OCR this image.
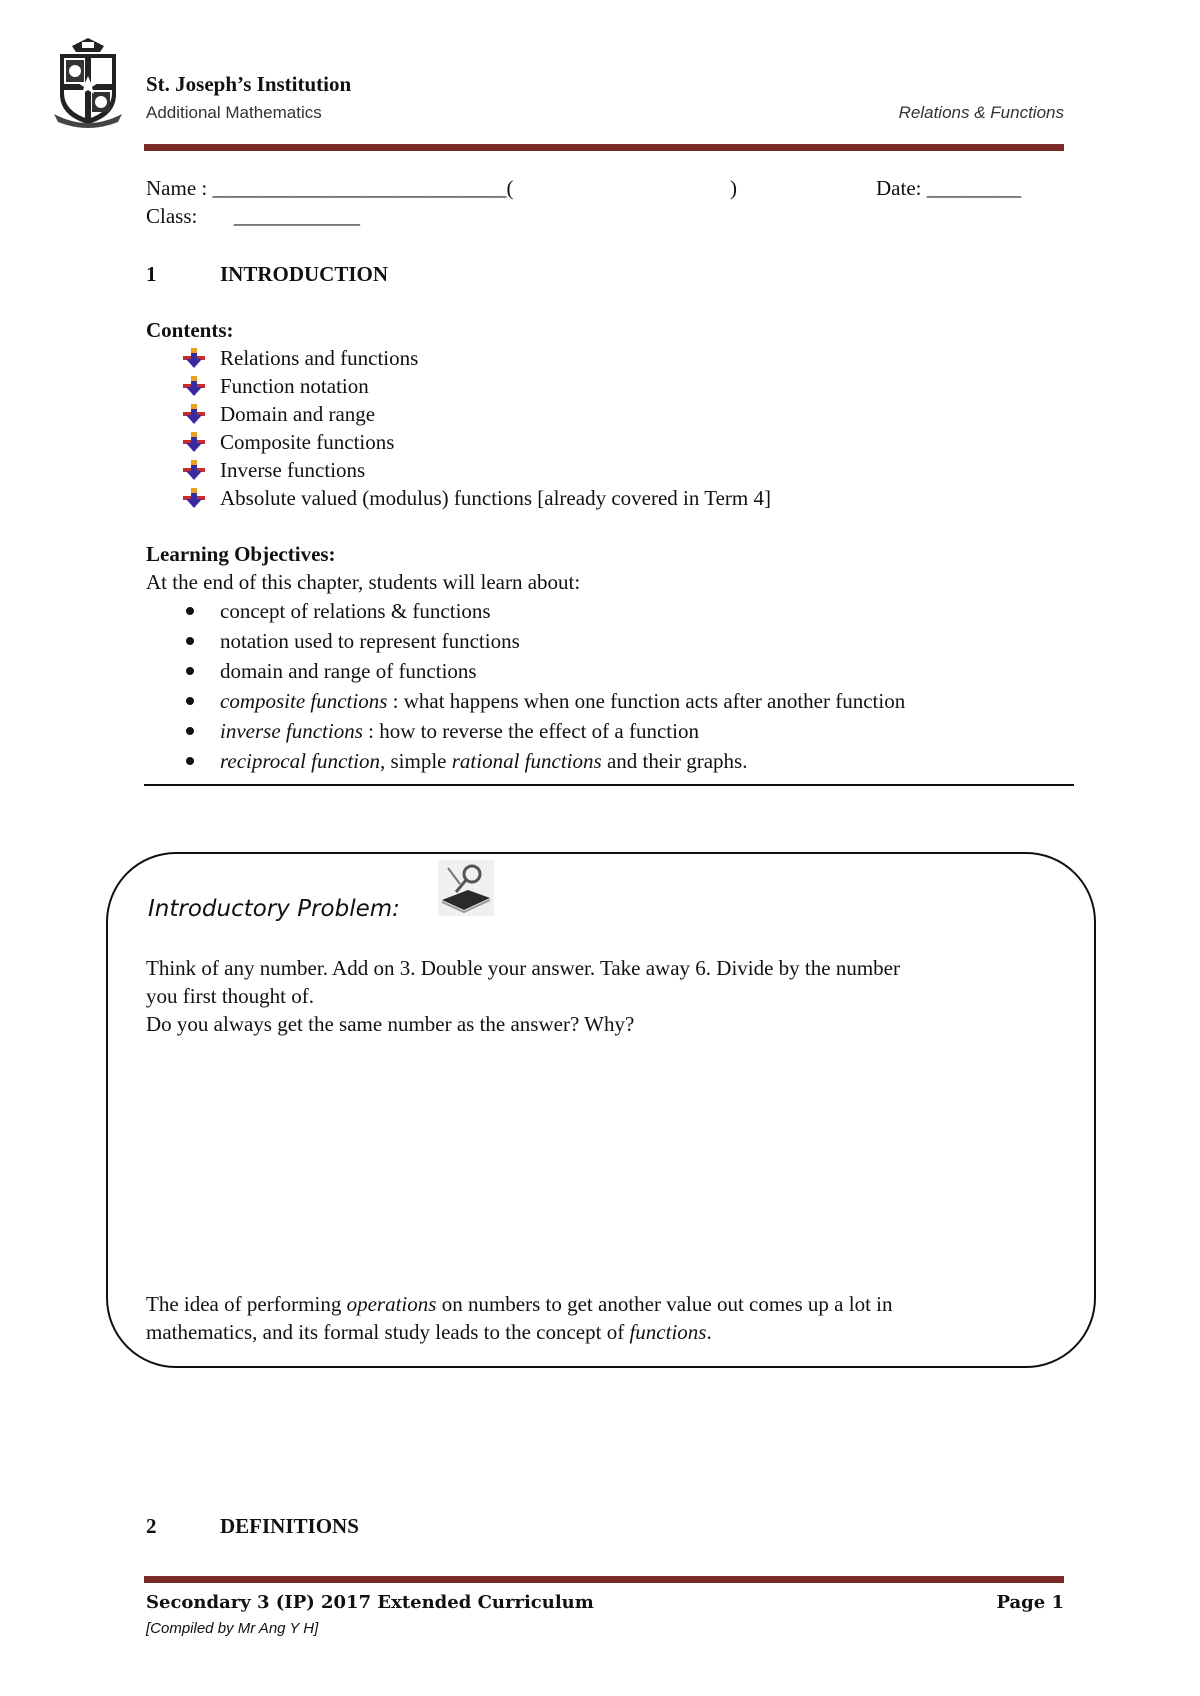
St. Joseph’s Institution
Additional Mathematics	Relations & Functions
Name : ____________________________(	)	Date: _________
Class: ____________
1	INTRODUCTION
Contents:
Relations and functions
Function notation
Domain and range
Composite functions
Inverse functions
Absolute valued (modulus) functions [already covered in Term 4]
Learning Objectives:
At the end of this chapter, students will learn about:
concept of relations & functions
notation used to represent functions
domain and range of functions
composite functions : what happens when one function acts after another function
inverse functions : how to reverse the effect of a function
reciprocal function, simple rational functions and their graphs.
Introductory Problem:
Think of any number. Add on 3. Double your answer. Take away 6. Divide by the number
you first thought of.
Do you always get the same number as the answer? Why?
The idea of performing operations on numbers to get another value out comes up a lot in
mathematics, and its formal study leads to the concept of functions.
2	DEFINITIONS
Secondary 3 (IP) 2017 Extended Curriculum	Page 1
[Compiled by Mr Ang Y H]
